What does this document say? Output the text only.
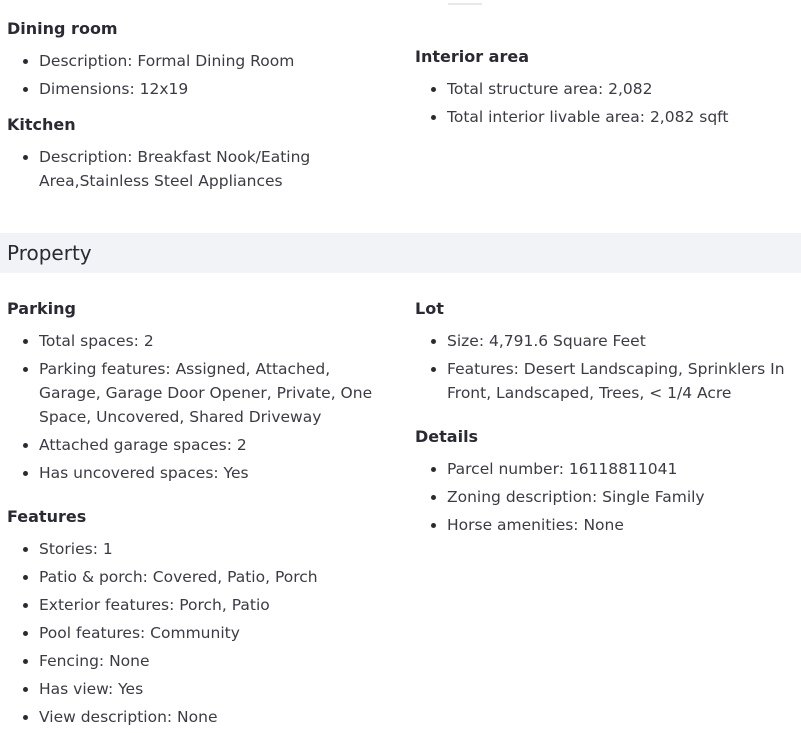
Dining room
• Description: Formal Dining Room
• Dimensions: 12x19
Kitchen
• Description: Breakfast Nook/Eating Area,Stainless Steel Appliances
Interior area
• Total structure area: 2,082
• Total interior livable area: 2,082 sqft
Property
Parking
• Total spaces: 2
• Parking features: Assigned, Attached, Garage, Garage Door Opener, Private, One Space, Uncovered, Shared Driveway
• Attached garage spaces: 2
• Has uncovered spaces: Yes
Features
• Stories: 1
• Patio & porch: Covered, Patio, Porch
• Exterior features: Porch, Patio
• Pool features: Community
• Fencing: None
• Has view: Yes
• View description: None
Lot
• Size: 4,791.6 Square Feet
• Features: Desert Landscaping, Sprinklers In Front, Landscaped, Trees, < 1/4 Acre
Details
• Parcel number: 16118811041
• Zoning description: Single Family
• Horse amenities: None
